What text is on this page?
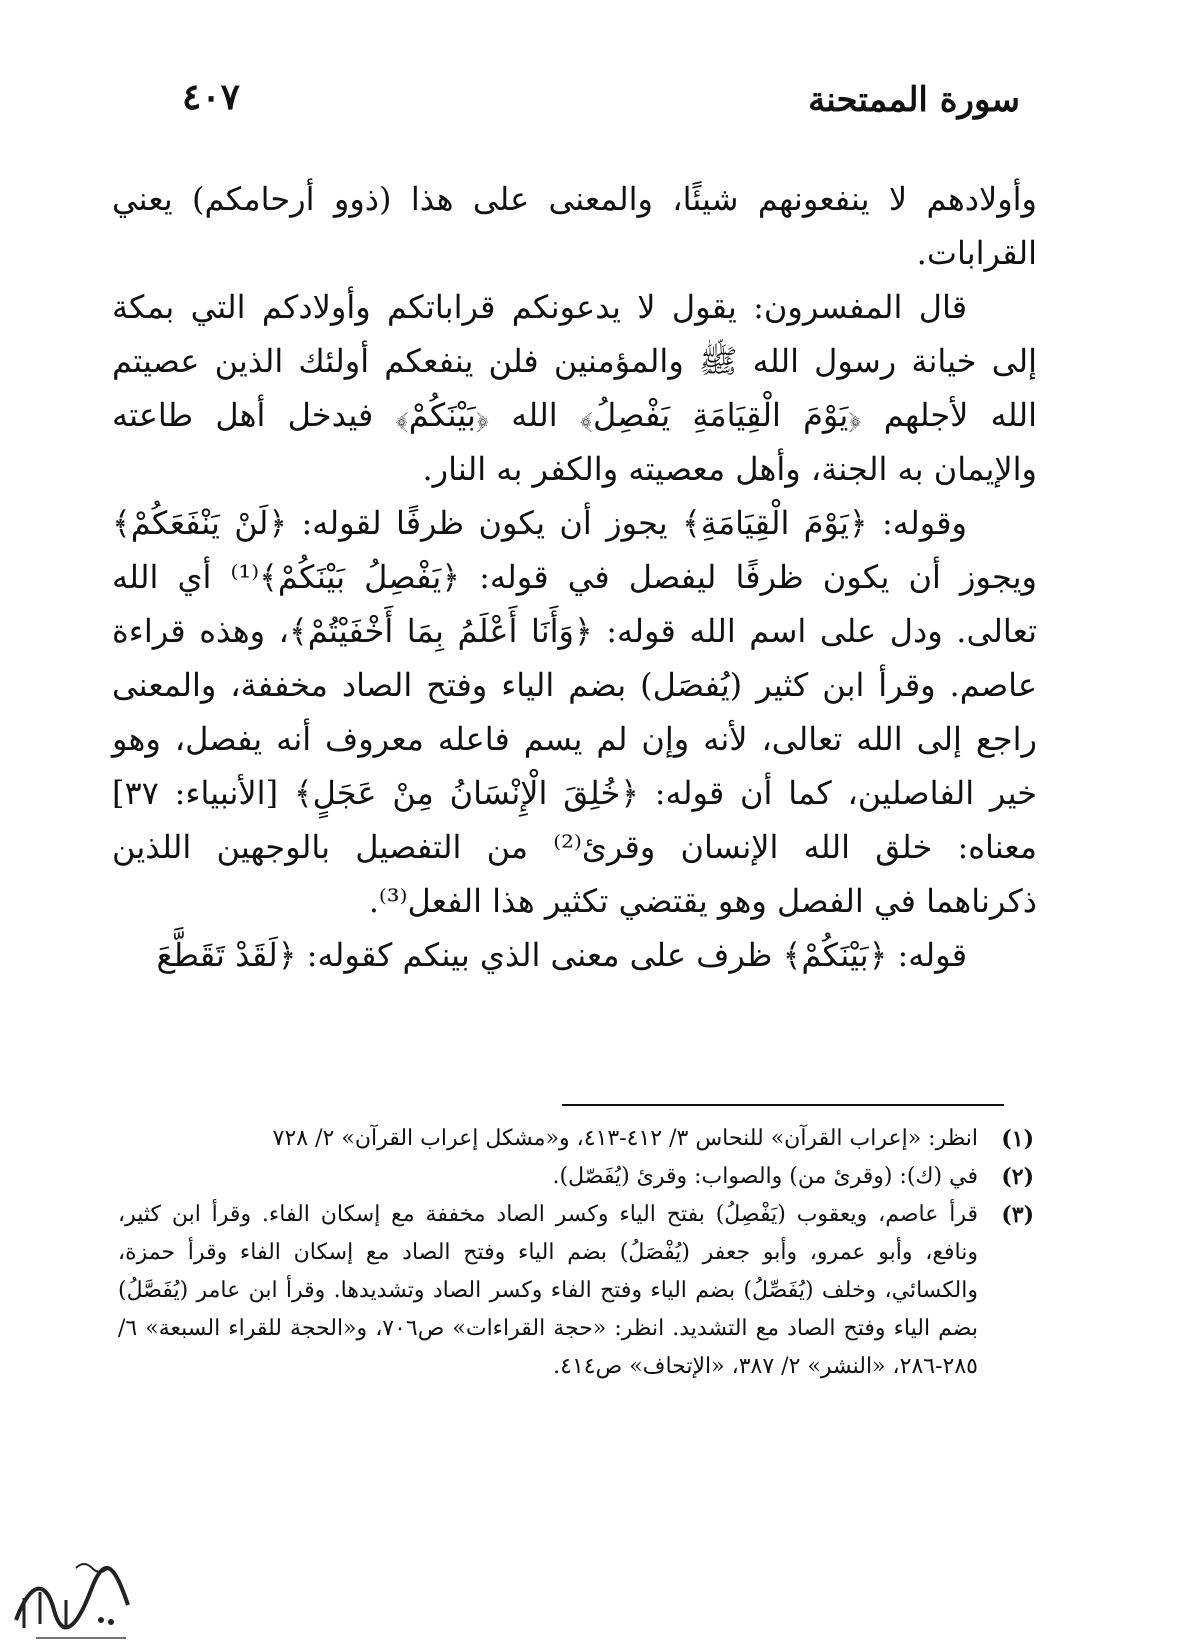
سورة الممتحنة
٤٠٧

وأولادهم لا ينفعونهم شيئًا، والمعنى على هذا (ذوو أرحامكم) يعني القرابات.

قال المفسرون: يقول لا يدعونكم قراباتكم وأولادكم التي بمكة إلى خيانة رسول الله ﷺ والمؤمنين فلن ينفعكم أولئك الذين عصيتم الله لأجلهم ﴿يَوْمَ الْقِيَامَةِ يَفْصِلُ﴾ الله ﴿بَيْنَكُمْ﴾ فيدخل أهل طاعته والإيمان به الجنة، وأهل معصيته والكفر به النار.

وقوله: ﴿يَوْمَ الْقِيَامَةِ﴾ يجوز أن يكون ظرفًا لقوله: ﴿لَنْ يَنْفَعَكُمْ﴾ ويجوز أن يكون ظرفًا ليفصل في قوله: ﴿يَفْصِلُ بَيْنَكُمْ﴾⁽¹⁾ أي الله تعالى. ودل على اسم الله قوله: ﴿وَأَنَا أَعْلَمُ بِمَا أَخْفَيْتُمْ﴾، وهذه قراءة عاصم. وقرأ ابن كثير (يُفصَل) بضم الياء وفتح الصاد مخففة، والمعنى راجع إلى الله تعالى، لأنه وإن لم يسم فاعله معروف أنه يفصل، وهو خير الفاصلين، كما أن قوله: ﴿خُلِقَ الْإِنْسَانُ مِنْ عَجَلٍ﴾ [الأنبياء: ٣٧] معناه: خلق الله الإنسان وقرئ⁽²⁾ من التفصيل بالوجهين اللذين ذكرناهما في الفصل وهو يقتضي تكثير هذا الفعل⁽³⁾.

قوله: ﴿بَيْنَكُمْ﴾ ظرف على معنى الذي بينكم كقوله: ﴿لَقَدْ تَقَطَّعَ

(١)
انظر: «إعراب القرآن» للنحاس ٣/ ٤١٢-٤١٣، و«مشكل إعراب القرآن» ٢/ ٧٢٨
(٢)
في (ك): (وقرئ من) والصواب: وقرئ (يُفَصّل).
(٣)
قرأ عاصم، ويعقوب (يَفْصِلُ) بفتح الياء وكسر الصاد مخففة مع إسكان الفاء. وقرأ ابن كثير، ونافع، وأبو عمرو، وأبو جعفر (يُفْصَلُ) بضم الياء وفتح الصاد مع إسكان الفاء وقرأ حمزة، والكسائي، وخلف (يُفَصِّلُ) بضم الياء وفتح الفاء وكسر الصاد وتشديدها. وقرأ ابن عامر (يُفَصَّلُ) بضم الياء وفتح الصاد مع التشديد. انظر: «حجة القراءات» ص٧٠٦، و«الحجة للقراء السبعة» ٦/ ٢٨٥-٢٨٦، «النشر» ٢/ ٣٨٧، «الإتحاف» ص٤١٤.
